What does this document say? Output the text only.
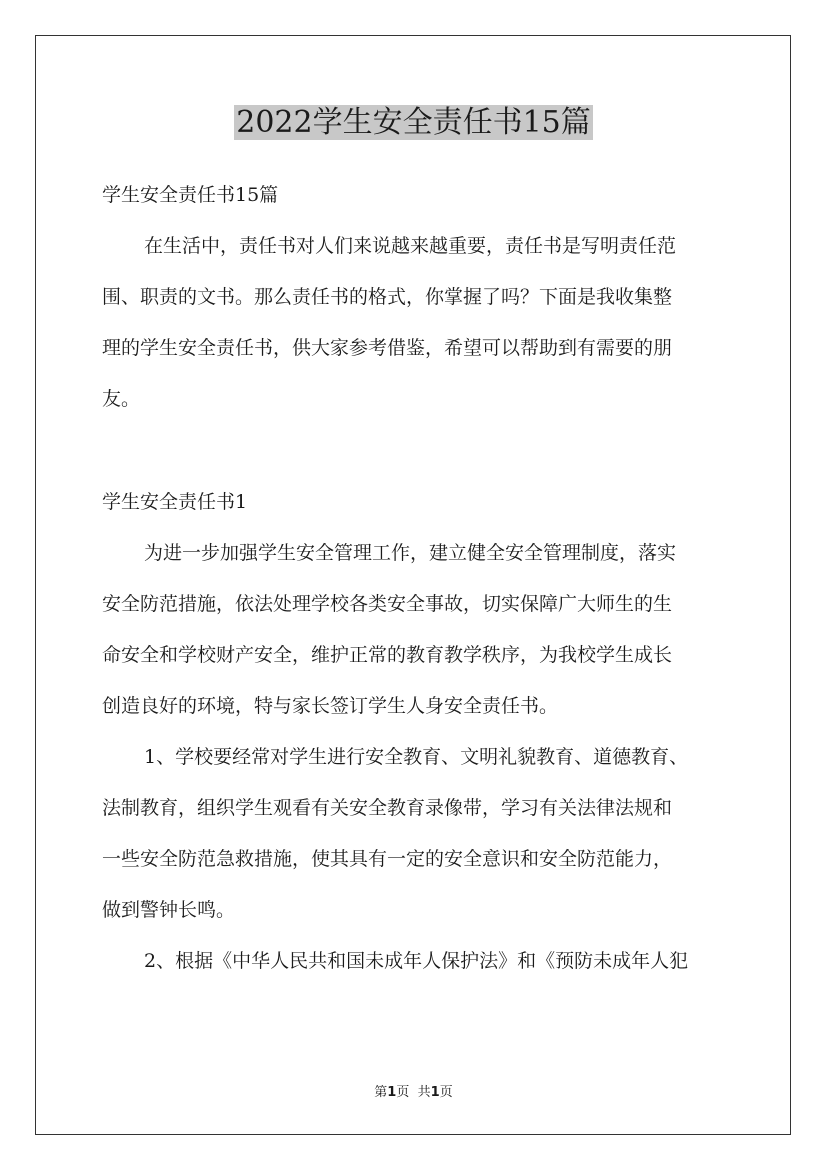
2022学生安全责任书15篇
学生安全责任书15篇
在生活中，责任书对人们来说越来越重要，责任书是写明责任范
围、职责的文书。那么责任书的格式，你掌握了吗？下面是我收集整
理的学生安全责任书，供大家参考借鉴，希望可以帮助到有需要的朋
友。
学生安全责任书1
为进一步加强学生安全管理工作，建立健全安全管理制度，落实
安全防范措施，依法处理学校各类安全事故，切实保障广大师生的生
命安全和学校财产安全，维护正常的教育教学秩序，为我校学生成长
创造良好的环境，特与家长签订学生人身安全责任书。
1、学校要经常对学生进行安全教育、文明礼貌教育、道德教育、
法制教育，组织学生观看有关安全教育录像带，学习有关法律法规和
一些安全防范急救措施，使其具有一定的安全意识和安全防范能力，
做到警钟长鸣。
2、根据《中华人民共和国未成年人保护法》和《预防未成年人犯
第1页 共1页
